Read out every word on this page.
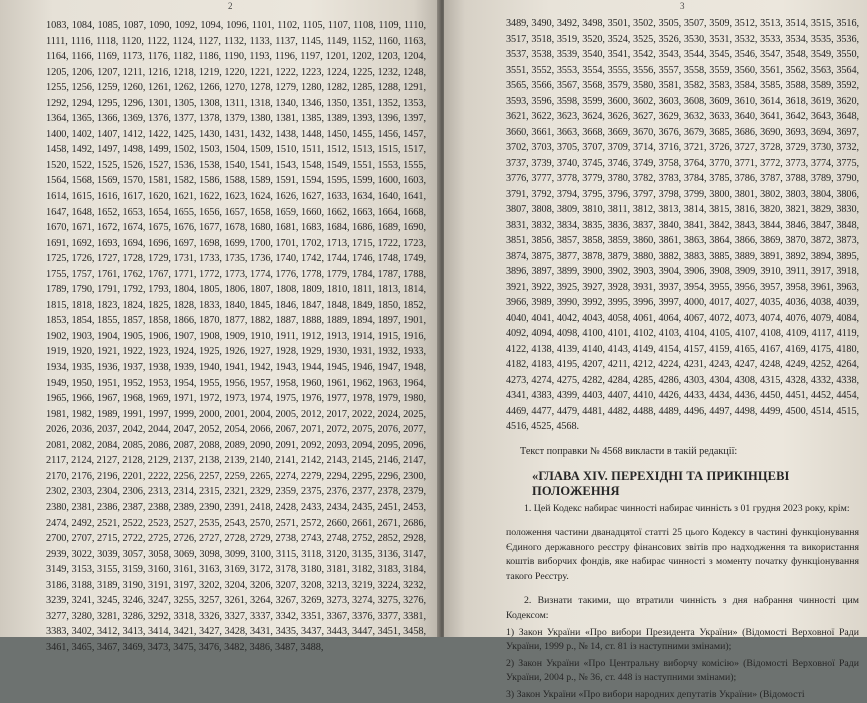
2

1083, 1084, 1085, 1087, 1090, 1092, 1094, 1096, 1101, 1102, 1105, 1107, 1108, 1109, 1110, 1111, 1116, 1118, 1120, 1122, 1124, 1127, 1132, 1133, 1137, 1145, 1149, 1152, 1160, 1163, 1164, 1166, 1169, 1173, 1176, 1182, 1186, 1190, 1193, 1196, 1197, 1201, 1202, 1203, 1204, 1205, 1206, 1207, 1211, 1216, 1218, 1219, 1220, 1221, 1222, 1223, 1224, 1225, 1232, 1248, 1255, 1256, 1259, 1260, 1261, 1262, 1266, 1270, 1278, 1279, 1280, 1282, 1285, 1288, 1291, 1292, 1294, 1295, 1296, 1301, 1305, 1308, 1311, 1318, 1340, 1346, 1350, 1351, 1352, 1353, 1364, 1365, 1366, 1369, 1376, 1377, 1378, 1379, 1380, 1381, 1385, 1389, 1393, 1396, 1397, 1400, 1402, 1407, 1412, 1422, 1425, 1430, 1431, 1432, 1438, 1448, 1450, 1455, 1456, 1457, 1458, 1492, 1497, 1498, 1499, 1502, 1503, 1504, 1509, 1510, 1511, 1512, 1513, 1515, 1517, 1520, 1522, 1525, 1526, 1527, 1536, 1538, 1540, 1541, 1543, 1548, 1549, 1551, 1553, 1555, 1564, 1568, 1569, 1570, 1581, 1582, 1586, 1588, 1589, 1591, 1594, 1595, 1599, 1600, 1603, 1614, 1615, 1616, 1617, 1620, 1621, 1622, 1623, 1624, 1626, 1627, 1633, 1634, 1640, 1641, 1647, 1648, 1652, 1653, 1654, 1655, 1656, 1657, 1658, 1659, 1660, 1662, 1663, 1664, 1668, 1670, 1671, 1672, 1674, 1675, 1676, 1677, 1678, 1680, 1681, 1683, 1684, 1686, 1689, 1690, 1691, 1692, 1693, 1694, 1696, 1697, 1698, 1699, 1700, 1701, 1702, 1713, 1715, 1722, 1723, 1725, 1726, 1727, 1728, 1729, 1731, 1733, 1735, 1736, 1740, 1742, 1744, 1746, 1748, 1749, 1755, 1757, 1761, 1762, 1767, 1771, 1772, 1773, 1774, 1776, 1778, 1779, 1784, 1787, 1788, 1789, 1790, 1791, 1792, 1793, 1804, 1805, 1806, 1807, 1808, 1809, 1810, 1811, 1813, 1814, 1815, 1818, 1823, 1824, 1825, 1828, 1833, 1840, 1845, 1846, 1847, 1848, 1849, 1850, 1852, 1853, 1854, 1855, 1857, 1858, 1866, 1870, 1877, 1882, 1887, 1888, 1889, 1894, 1897, 1901, 1902, 1903, 1904, 1905, 1906, 1907, 1908, 1909, 1910, 1911, 1912, 1913, 1914, 1915, 1916, 1919, 1920, 1921, 1922, 1923, 1924, 1925, 1926, 1927, 1928, 1929, 1930, 1931, 1932, 1933, 1934, 1935, 1936, 1937, 1938, 1939, 1940, 1941, 1942, 1943, 1944, 1945, 1946, 1947, 1948, 1949, 1950, 1951, 1952, 1953, 1954, 1955, 1956, 1957, 1958, 1960, 1961, 1962, 1963, 1964, 1965, 1966, 1967, 1968, 1969, 1971, 1972, 1973, 1974, 1975, 1976, 1977, 1978, 1979, 1980, 1981, 1982, 1989, 1991, 1997, 1999, 2000, 2001, 2004, 2005, 2012, 2017, 2022, 2024, 2025, 2026, 2036, 2037, 2042, 2044, 2047, 2052, 2054, 2066, 2067, 2071, 2072, 2075, 2076, 2077, 2081, 2082, 2084, 2085, 2086, 2087, 2088, 2089, 2090, 2091, 2092, 2093, 2094, 2095, 2096, 2117, 2124, 2127, 2128, 2129, 2137, 2138, 2139, 2140, 2141, 2142, 2143, 2145, 2146, 2147, 2170, 2176, 2196, 2201, 2222, 2256, 2257, 2259, 2265, 2274, 2279, 2294, 2295, 2296, 2300, 2302, 2303, 2304, 2306, 2313, 2314, 2315, 2321, 2329, 2359, 2375, 2376, 2377, 2378, 2379, 2380, 2381, 2386, 2387, 2388, 2389, 2390, 2391, 2418, 2428, 2433, 2434, 2435, 2451, 2453, 2474, 2492, 2521, 2522, 2523, 2527, 2535, 2543, 2570, 2571, 2572, 2660, 2661, 2671, 2686, 2700, 2707, 2715, 2722, 2725, 2726, 2727, 2728, 2729, 2738, 2743, 2748, 2752, 2852, 2928, 2939, 3022, 3039, 3057, 3058, 3069, 3098, 3099, 3100, 3115, 3118, 3120, 3135, 3136, 3147, 3149, 3153, 3155, 3159, 3160, 3161, 3163, 3169, 3172, 3178, 3180, 3181, 3182, 3183, 3184, 3186, 3188, 3189, 3190, 3191, 3197, 3202, 3204, 3206, 3207, 3208, 3213, 3219, 3224, 3232, 3239, 3241, 3245, 3246, 3247, 3255, 3257, 3261, 3264, 3267, 3269, 3273, 3274, 3275, 3276, 3277, 3280, 3281, 3286, 3292, 3318, 3326, 3327, 3337, 3342, 3351, 3367, 3376, 3377, 3381, 3383, 3402, 3412, 3413, 3414, 3421, 3427, 3428, 3431, 3435, 3437, 3443, 3447, 3451, 3458, 3461, 3465, 3467, 3469, 3473, 3475, 3476, 3482, 3486, 3487, 3488,

3

3489, 3490, 3492, 3498, 3501, 3502, 3505, 3507, 3509, 3512, 3513, 3514, 3515, 3516, 3517, 3518, 3519, 3520, 3524, 3525, 3526, 3530, 3531, 3532, 3533, 3534, 3535, 3536, 3537, 3538, 3539, 3540, 3541, 3542, 3543, 3544, 3545, 3546, 3547, 3548, 3549, 3550, 3551, 3552, 3553, 3554, 3555, 3556, 3557, 3558, 3559, 3560, 3561, 3562, 3563, 3564, 3565, 3566, 3567, 3568, 3579, 3580, 3581, 3582, 3583, 3584, 3585, 3588, 3589, 3592, 3593, 3596, 3598, 3599, 3600, 3602, 3603, 3608, 3609, 3610, 3614, 3618, 3619, 3620, 3621, 3622, 3623, 3624, 3626, 3627, 3629, 3632, 3633, 3640, 3641, 3642, 3643, 3648, 3660, 3661, 3663, 3668, 3669, 3670, 3676, 3679, 3685, 3686, 3690, 3693, 3694, 3697, 3702, 3703, 3705, 3707, 3709, 3714, 3716, 3721, 3726, 3727, 3728, 3729, 3730, 3732, 3737, 3739, 3740, 3745, 3746, 3749, 3758, 3764, 3770, 3771, 3772, 3773, 3774, 3775, 3776, 3777, 3778, 3779, 3780, 3782, 3783, 3784, 3785, 3786, 3787, 3788, 3789, 3790, 3791, 3792, 3794, 3795, 3796, 3797, 3798, 3799, 3800, 3801, 3802, 3803, 3804, 3806, 3807, 3808, 3809, 3810, 3811, 3812, 3813, 3814, 3815, 3816, 3820, 3821, 3829, 3830, 3831, 3832, 3834, 3835, 3836, 3837, 3840, 3841, 3842, 3843, 3844, 3846, 3847, 3848, 3851, 3856, 3857, 3858, 3859, 3860, 3861, 3863, 3864, 3866, 3869, 3870, 3872, 3873, 3874, 3875, 3877, 3878, 3879, 3880, 3882, 3883, 3885, 3889, 3891, 3892, 3894, 3895, 3896, 3897, 3899, 3900, 3902, 3903, 3904, 3906, 3908, 3909, 3910, 3911, 3917, 3918, 3921, 3922, 3925, 3927, 3928, 3931, 3937, 3954, 3955, 3956, 3957, 3958, 3961, 3963, 3966, 3989, 3990, 3992, 3995, 3996, 3997, 4000, 4017, 4027, 4035, 4036, 4038, 4039, 4040, 4041, 4042, 4043, 4058, 4061, 4064, 4067, 4072, 4073, 4074, 4076, 4079, 4084, 4092, 4094, 4098, 4100, 4101, 4102, 4103, 4104, 4105, 4107, 4108, 4109, 4117, 4119, 4122, 4138, 4139, 4140, 4143, 4149, 4154, 4157, 4159, 4165, 4167, 4169, 4175, 4180, 4182, 4183, 4195, 4207, 4211, 4212, 4224, 4231, 4243, 4247, 4248, 4249, 4252, 4264, 4273, 4274, 4275, 4282, 4284, 4285, 4286, 4303, 4304, 4308, 4315, 4328, 4332, 4338, 4341, 4383, 4399, 4403, 4407, 4410, 4426, 4433, 4434, 4436, 4450, 4451, 4452, 4454, 4469, 4477, 4479, 4481, 4482, 4488, 4489, 4496, 4497, 4498, 4499, 4500, 4514, 4515, 4516, 4525, 4568.

Текст поправки № 4568 викласти в такій редакції:

«ГЛАВА XIV. ПЕРЕХІДНІ ТА ПРИКІНЦЕВІ ПОЛОЖЕННЯ

1. Цей Кодекс набирає чинності набирає чинність з 01 грудня 2023 року, крім:

положення частини дванадцятої статті 25 цього Кодексу в частині функціонування Єдиного державного реєстру фінансових звітів про надходження та використання коштів виборчих фондів, яке набирає чинності з моменту початку функціонування такого Реєстру.

2. Визнати такими, що втратили чинність з дня набрання чинності цим Кодексом:

1) Закон України «Про вибори Президента України» (Відомості Верховної Ради України, 1999 р., № 14, ст. 81 із наступними змінами);

2) Закон України «Про Центральну виборчу комісію» (Відомості Верховної Ради України, 2004 р., № 36, ст. 448 із наступними змінами);

3) Закон України «Про вибори народних депутатів України» (Відомості
